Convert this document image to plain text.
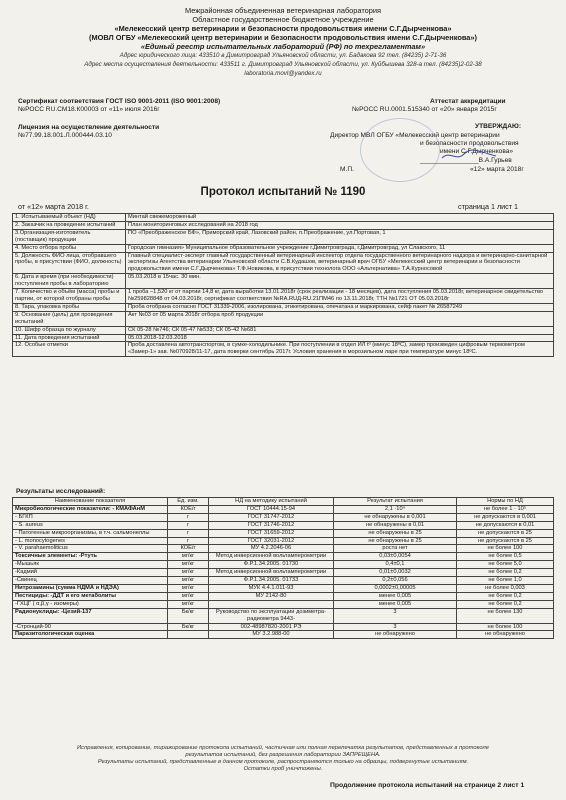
Межрайонная объединенная ветеринарная лаборатория
Областное государственное бюджетное учреждение
«Мелекесский центр ветеринарии и безопасности продовольствия имени С.Г.Дырченкова»
(МОВЛ ОГБУ «Мелекесский центр ветеринарии и безопасности продовольствия имени С.Г.Дырченкова»)
«Единый реестр испытательных лабораторий (РФ) по техрегламентам»
Адрес юридического лица: 433510 в Димитровград Ульяновской области, ул. Бадакова 92 тел. (84235) 2-71-36
Адрес места осуществления деятельности: 433511 г. Димитровград Ульяновской области, ул. Куйбышева 328-а тел. (84235)2-02-38
laboratoria.movl@yandex.ru
Сертификат соответствия ГОСТ ISO 9001-2011 (ISO 9001:2008)
№РОСС RU.СМ18.К00003 от «11» июля 2016г
Аттестат аккредитации
№РОСС RU.0001.515340 от «20» января 2015г
Лицензия на осуществление деятельности
№77.99.18.001.Л.000444.03.10
УТВЕРЖДАЮ:
Директор МВЛ ОГБУ «Мелекесский центр ветеринарии
и безопасности продовольствия
имени С.Г.Дырченкова»
________________В.А.Гурьев
М.П.	«12» марта 2018г
Протокол испытаний № 1190
от «12» марта 2018 г.	страница 1 лист 1
1. Испытываемый объект (НД)	Минтай свежемороженый
2. Заказчик на проведение испытаний	План мониторинговых исследований на 2018 год
3.Организация-изготовитель (поставщик) продукции	ПО «Преображенское БФ», Приморский край, Лазовский район, п.Преображение, ул.Портовая, 1
4. Место отбора пробы	Городская гимназия» Муниципальное образовательное учреждение г.Димитровграда, г.Димитровград, ул Славского, 11
5. Должность ФИО лица, отобравшего пробы, в присутствии (ФИО, должность)	Главный специалист-эксперт главный государственный ветеринарный инспектор отдела государственного ветеринарного надзора и ветеринарно-санитарной экспертизы Агентства ветеринарии Ульяновской области С.В.Кудашов, ветеринарный врач ОГБУ «Мелекесский центр ветеринарии и безопасности продовольствия имени С.Г.Дырченкова» Т.Ф.Новикова, в присутствии технолога ООО «Альтернатива» Т.А.Курносовой
6. Дата и время (при необходимости) поступления пробы в лабораторию	05.03.2018 в 15час. 30 мин.
7. Количество и объём (масса) пробы и партии, от которой отобраны пробы	1 проба –1,520 кг от партии 14,8 кг, дата выработки 13.01.2018г (срок реализации - 18 месяцев), дата поступления 05.03.2018г, ветеринарное свидетельство №259828848 от 04.03.2018г, сертификат соответствия №RA.RUД-RU.21ПМ46 по 13.11.2018г, ТТН №1721 ОТ 05.03.2018г
8. Тара, упаковка пробы	Проба отобрана согласно ГОСТ 31339-2006, изолирована, этикетирована, опечатана и маркирована, сейф пакет № 26587249
9. Основание (цель) для проведения испытаний	Акт №03 от 05 марта 2018г отбора проб продукции
10. Шифр образца по журналу	СК 05-28 №746; СК 05-47 №533; СК 05-42 №681
11. Дата проведения испытаний	05.03.2018-12.03.2018
12. Особые отметки	Проба доставлена автотранспортом, в сумке-холодильнике. При поступлении в отдел ИЛ tº (минус 18ºС), замер произведен цифровым термометром «Замер-1» зав. №070928/11-17, дата поверки сентябрь 2017г. Условия хранения в морозильном ларе при температуре минус 18ºС.
Результаты исследований:
Наименование показателя	Ед. изм.	НД на методику испытаний	Результат испытания	Нормы по НД
Микробиологические показатели: - КМАФАнМ	КОЕ/г	ГОСТ 10444.15-94	2,1 ·10⁴	не более 1 · 10⁵
- БГКП	г	ГОСТ 31747-2012	не обнаружены в 0,001	не допускаются в 0,001
- S. aureus	г	ГОСТ 31746-2012	не обнаружены в 0,01	не допускаются в 0,01
- Патогенные микроорганизмы, в т.ч. сальмонеллы	г	ГОСТ 31659-2012	не обнаружены в 25	не допускаются в 25
- L. monocytogenes	г	ГОСТ 32031-2012	не обнаружены в 25	не допускаются в 25
- V. parahaemoliticus	КОЕ/г	МУ 4.2.2046-06	роста нет	не более 100
Токсичные элементы: -Ртуть	мг/кг	Метод инверсионной вольтамперометрии	0,03±0,0054	не более 0,5
-Мышьяк	мг/кг	Ф.Р.1.34.2005. 01730	0,4±0,1	не более 5,0
-Кадмий	мг/кг	Метод инверсионной вольтамперометрии	0,01±0,0032	не более 0,2
-Свинец	мг/кг	Ф.Р.1.34.2005. 01733	0,2±0,056	не более 1,0
Нитрозамины (сумма НДМА и НДЭА)	мг/кг	МУК 4.4.1.011-93	0,0002±0,00005	не более 0,003
Пестициды: -ДДТ и его метаболиты	мг/кг	МУ 2142-80	менее 0,005	не более 0,2
-ГХЦГ ( α,β,γ - изомеры)	мг/кг		менее 0,005	не более 0,2
Радионуклиды: -Цезий-137	Бк/кг	Руководство по эксплуатации дозиметра-радиометра 9443-	3	не более 130
-Стронций-90	Бк/кг	002-48987820-2001 РЭ	3	не более 100
Паразитологическая оценка		МУ 3.2.988-00	не обнаружено	не обнаружено
Исправления, копирование, тиражирование протокола испытаний, частичная или полная перепечатка результатов, представленных в протоколе
результатов испытаний, без разрешения лаборатории ЗАПРЕЩЕНА.
Результаты испытаний, представленные в данном протоколе, распространяются только на образцы, подвергнутые испытаниям.
Остатки проб уничтожены.
Продолжение протокола испытаний на странице 2 лист 1
